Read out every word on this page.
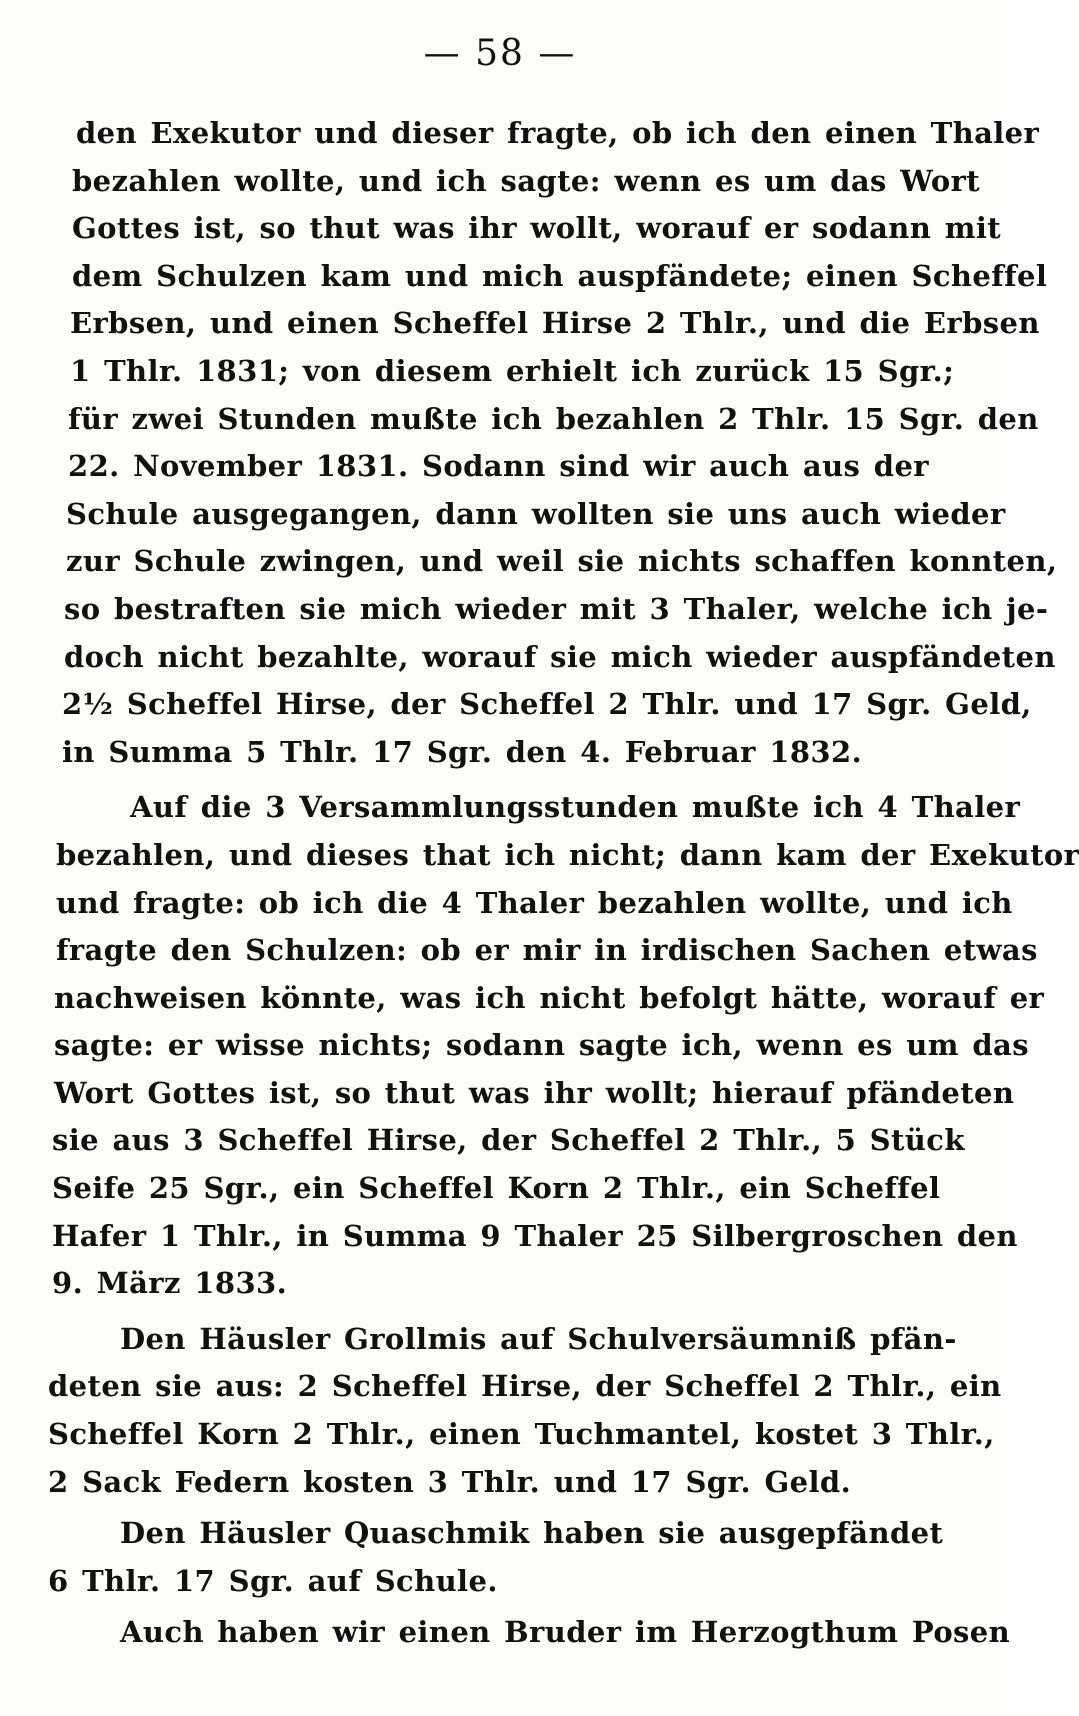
— 58 —
den Exekutor und dieser fragte, ob ich den einen Thaler
bezahlen wollte, und ich sagte: wenn es um das Wort
Gottes ist, so thut was ihr wollt, worauf er sodann mit
dem Schulzen kam und mich auspfändete; einen Scheffel
Erbsen, und einen Scheffel Hirse 2 Thlr., und die Erbsen
1 Thlr. 1831; von diesem erhielt ich zurück 15 Sgr.;
für zwei Stunden mußte ich bezahlen 2 Thlr. 15 Sgr. den
22. November 1831. Sodann sind wir auch aus der
Schule ausgegangen, dann wollten sie uns auch wieder
zur Schule zwingen, und weil sie nichts schaffen konnten,
so bestraften sie mich wieder mit 3 Thaler, welche ich je-
doch nicht bezahlte, worauf sie mich wieder auspfändeten
2½ Scheffel Hirse, der Scheffel 2 Thlr. und 17 Sgr. Geld,
in Summa 5 Thlr. 17 Sgr. den 4. Februar 1832.
Auf die 3 Versammlungsstunden mußte ich 4 Thaler
bezahlen, und dieses that ich nicht; dann kam der Exekutor
und fragte: ob ich die 4 Thaler bezahlen wollte, und ich
fragte den Schulzen: ob er mir in irdischen Sachen etwas
nachweisen könnte, was ich nicht befolgt hätte, worauf er
sagte: er wisse nichts; sodann sagte ich, wenn es um das
Wort Gottes ist, so thut was ihr wollt; hierauf pfändeten
sie aus 3 Scheffel Hirse, der Scheffel 2 Thlr., 5 Stück
Seife 25 Sgr., ein Scheffel Korn 2 Thlr., ein Scheffel
Hafer 1 Thlr., in Summa 9 Thaler 25 Silbergroschen den
9. März 1833.
Den Häusler Grollmis auf Schulversäumniß pfän-
deten sie aus: 2 Scheffel Hirse, der Scheffel 2 Thlr., ein
Scheffel Korn 2 Thlr., einen Tuchmantel, kostet 3 Thlr.,
2 Sack Federn kosten 3 Thlr. und 17 Sgr. Geld.
Den Häusler Quaschmik haben sie ausgepfändet
6 Thlr. 17 Sgr. auf Schule.
Auch haben wir einen Bruder im Herzogthum Posen
